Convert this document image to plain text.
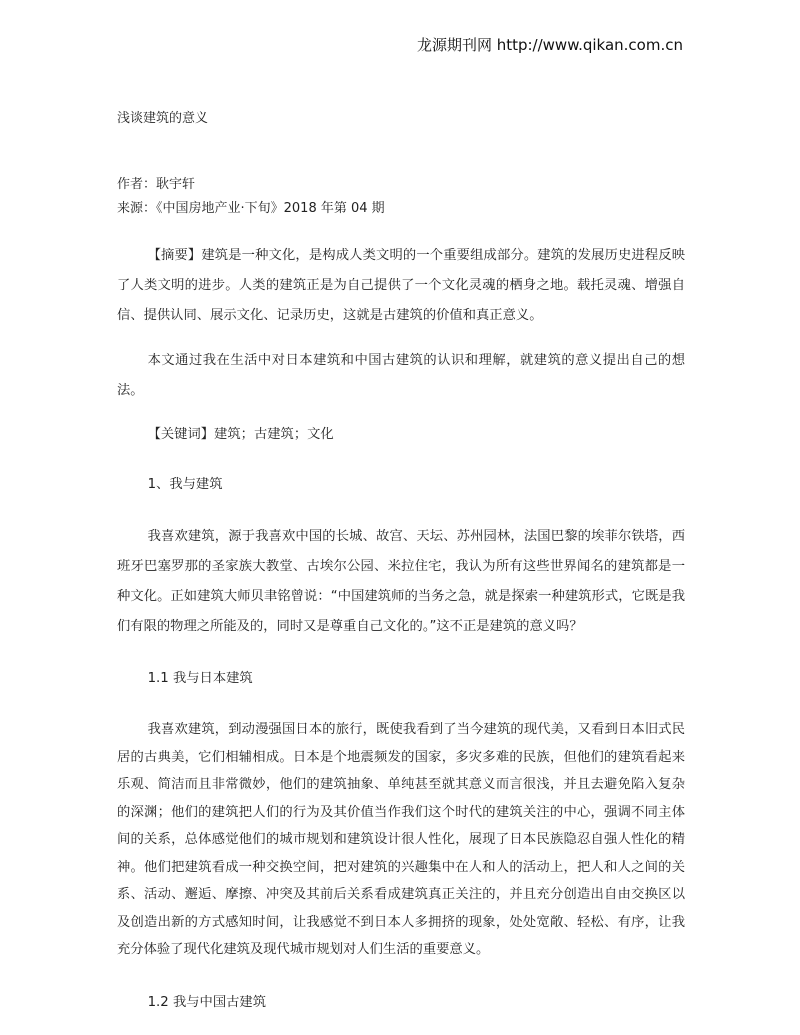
龙源期刊网 http://www.qikan.com.cn
浅谈建筑的意义
作者：耿宇轩
来源：《中国房地产业·下旬》2018 年第 04 期

【摘要】建筑是一种文化，是构成人类文明的一个重要组成部分。建筑的发展历史进程反映了人类文明的进步。人类的建筑正是为自己提供了一个文化灵魂的栖身之地。载托灵魂、增强自信、提供认同、展示文化、记录历史，这就是古建筑的价值和真正意义。

本文通过我在生活中对日本建筑和中国古建筑的认识和理解，就建筑的意义提出自己的想法。

【关键词】建筑；古建筑；文化

1、我与建筑

我喜欢建筑，源于我喜欢中国的长城、故宫、天坛、苏州园林，法国巴黎的埃菲尔铁塔，西班牙巴塞罗那的圣家族大教堂、古埃尔公园、米拉住宅，我认为所有这些世界闻名的建筑都是一种文化。正如建筑大师贝聿铭曾说：“中国建筑师的当务之急，就是探索一种建筑形式，它既是我们有限的物理之所能及的，同时又是尊重自己文化的。”这不正是建筑的意义吗？

1.1 我与日本建筑

我喜欢建筑，到动漫强国日本的旅行，既使我看到了当今建筑的现代美，又看到日本旧式民居的古典美，它们相辅相成。日本是个地震频发的国家，多灾多难的民族，但他们的建筑看起来乐观、简洁而且非常微妙，他们的建筑抽象、单纯甚至就其意义而言很浅，并且去避免陷入复杂的深渊；他们的建筑把人们的行为及其价值当作我们这个时代的建筑关注的中心，强调不同主体间的关系，总体感觉他们的城市规划和建筑设计很人性化，展现了日本民族隐忍自强人性化的精神。他们把建筑看成一种交换空间，把对建筑的兴趣集中在人和人的活动上，把人和人之间的关系、活动、邂逅、摩擦、冲突及其前后关系看成建筑真正关注的，并且充分创造出自由交换区以及创造出新的方式感知时间，让我感觉不到日本人多拥挤的现象，处处宽敞、轻松、有序，让我充分体验了现代化建筑及现代城市规划对人们生活的重要意义。

1.2 我与中国古建筑
